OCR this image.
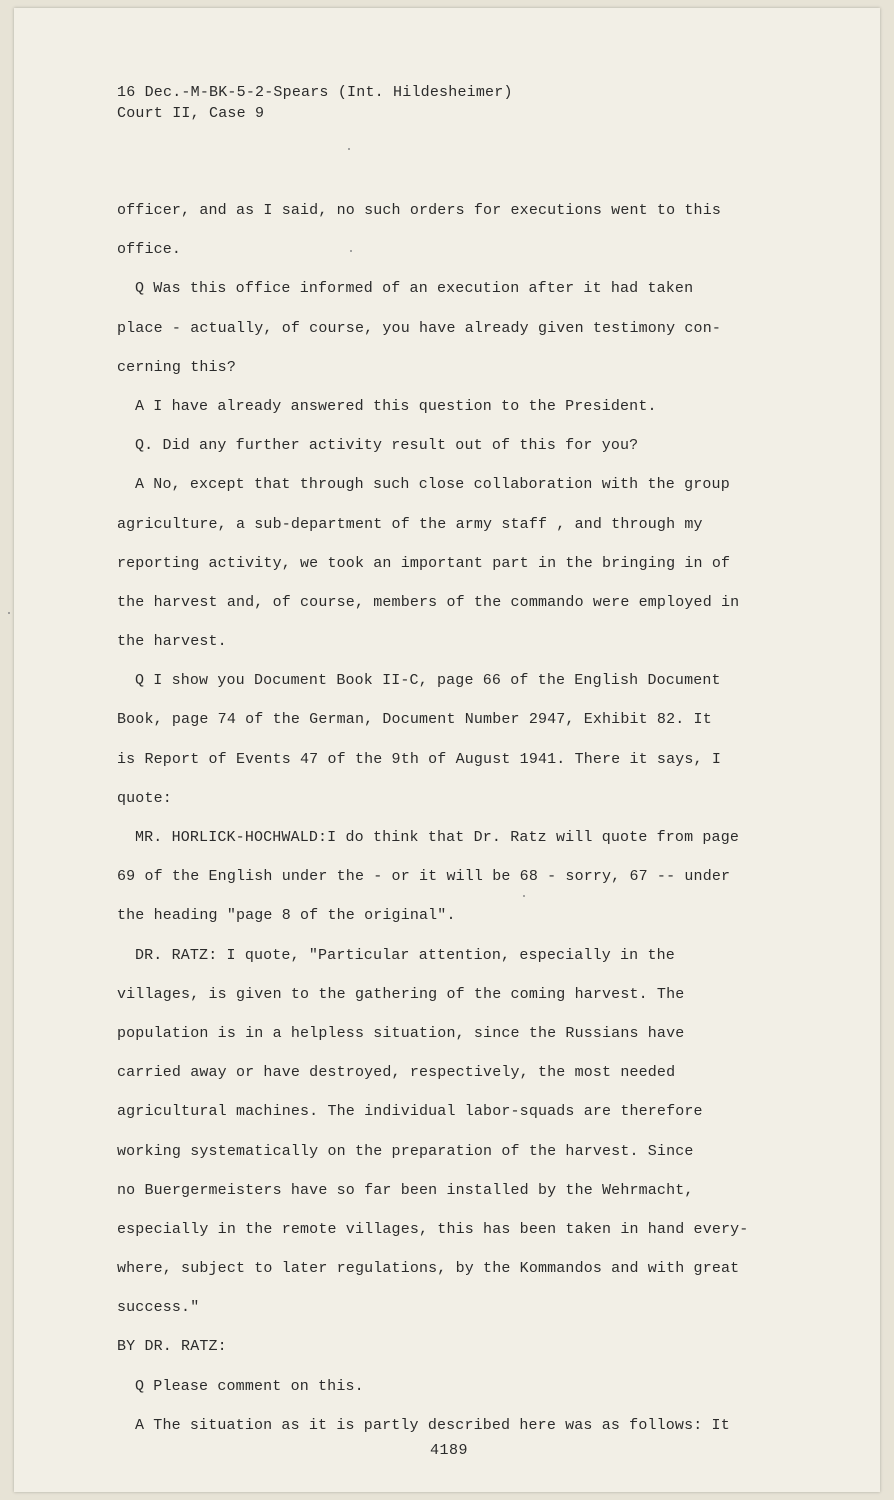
16 Dec.-M-BK-5-2-Spears (Int. Hildesheimer)
Court II, Case 9
officer, and as I said, no such orders for executions went to this
office.
Q Was this office informed of an execution after it had taken
place - actually, of course, you have already given testimony con-
cerning this?
A I have already answered this question to the President.
Q. Did any further activity result out of this for you?
A No, except that through such close collaboration with the group
agriculture, a sub-department of the army staff , and through my
reporting activity, we took an important part in the bringing in of
the harvest and, of course, members of the commando were employed in
the harvest.
Q I show you Document Book II-C, page 66 of the English Document
Book, page 74 of the German, Document Number 2947, Exhibit 82. It
is Report of Events 47 of the 9th of August 1941. There it says, I
quote:
MR. HORLICK-HOCHWALD:I do think that Dr. Ratz will quote from page
69 of the English under the - or it will be 68 - sorry, 67 -- under
the heading "page 8 of the original".
DR. RATZ: I quote, "Particular attention, especially in the
villages, is given to the gathering of the coming harvest. The
population is in a helpless situation, since the Russians have
carried away or have destroyed, respectively, the most needed
agricultural machines. The individual labor-squads are therefore
working systematically on the preparation of the harvest. Since
no Buergermeisters have so far been installed by the Wehrmacht,
especially in the remote villages, this has been taken in hand every-
where, subject to later regulations, by the Kommandos and with great
success."
BY DR. RATZ:
Q Please comment on this.
A The situation as it is partly described here was as follows: It
4189
